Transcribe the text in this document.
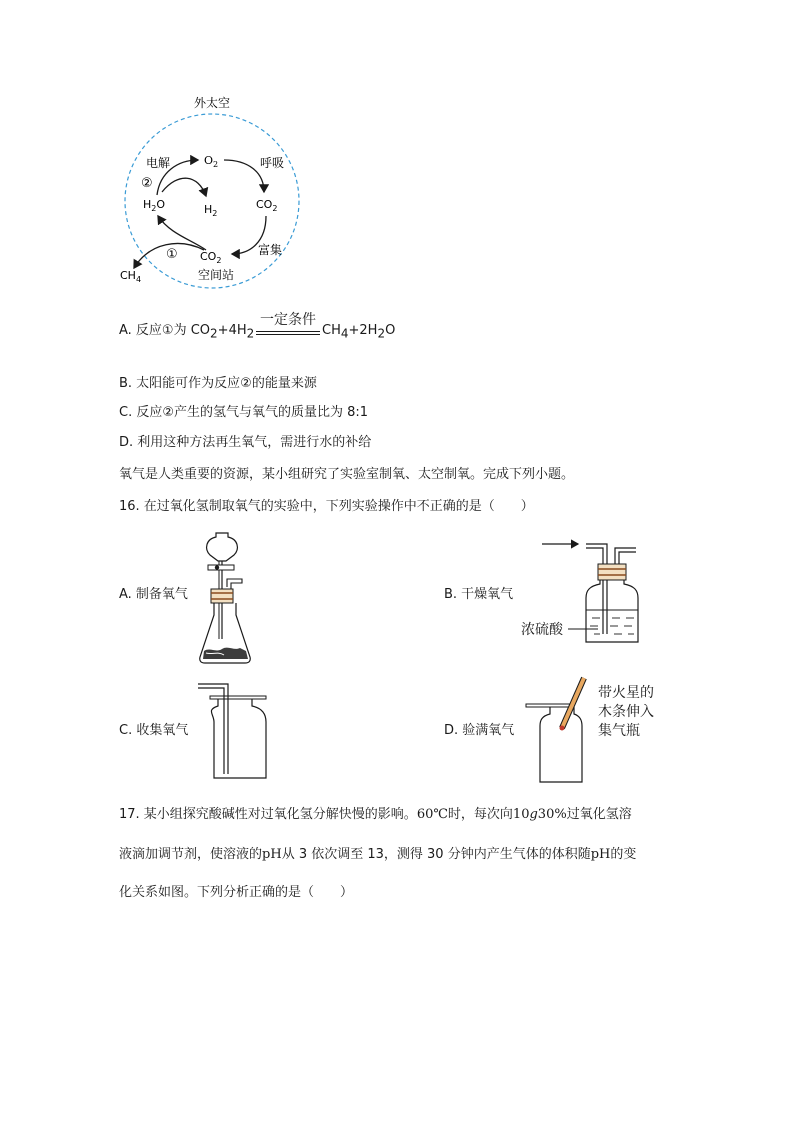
外太空
电解	呼吸
②
①	富集
空间站
$O_2$
$H_2O$	$H_2$
$CO_2$
$CO_2$
$CH_4$
A. 反应①为 $CO_2+4H_2$
一定条件
$CH_4+2H_2O$
B. 太阳能可作为反应②的能量来源
C. 反应②产生的氢气与氧气的质量比为 8:1
D. 利用这种方法再生氧气，需进行水的补给
氧气是人类重要的资源，某小组研究了实验室制氧、太空制氧。完成下列小题。
16. 在过氧化氢制取氧气的实验中，下列实验操作中不正确的是（　　）
A. 制备氧气	B. 干燥氧气
浓硫酸
C. 收集氧气	D. 验满氧气
带火星的
木条伸入
集气瓶
17. 某小组探究酸碱性对过氧化氢分解快慢的影响。60℃时，每次向10g30%过氧化氢溶
液滴加调节剂，使溶液的pH从 3 依次调至 13，测得 30 分钟内产生气体的体积随pH的变
化关系如图。下列分析正确的是（　　）
